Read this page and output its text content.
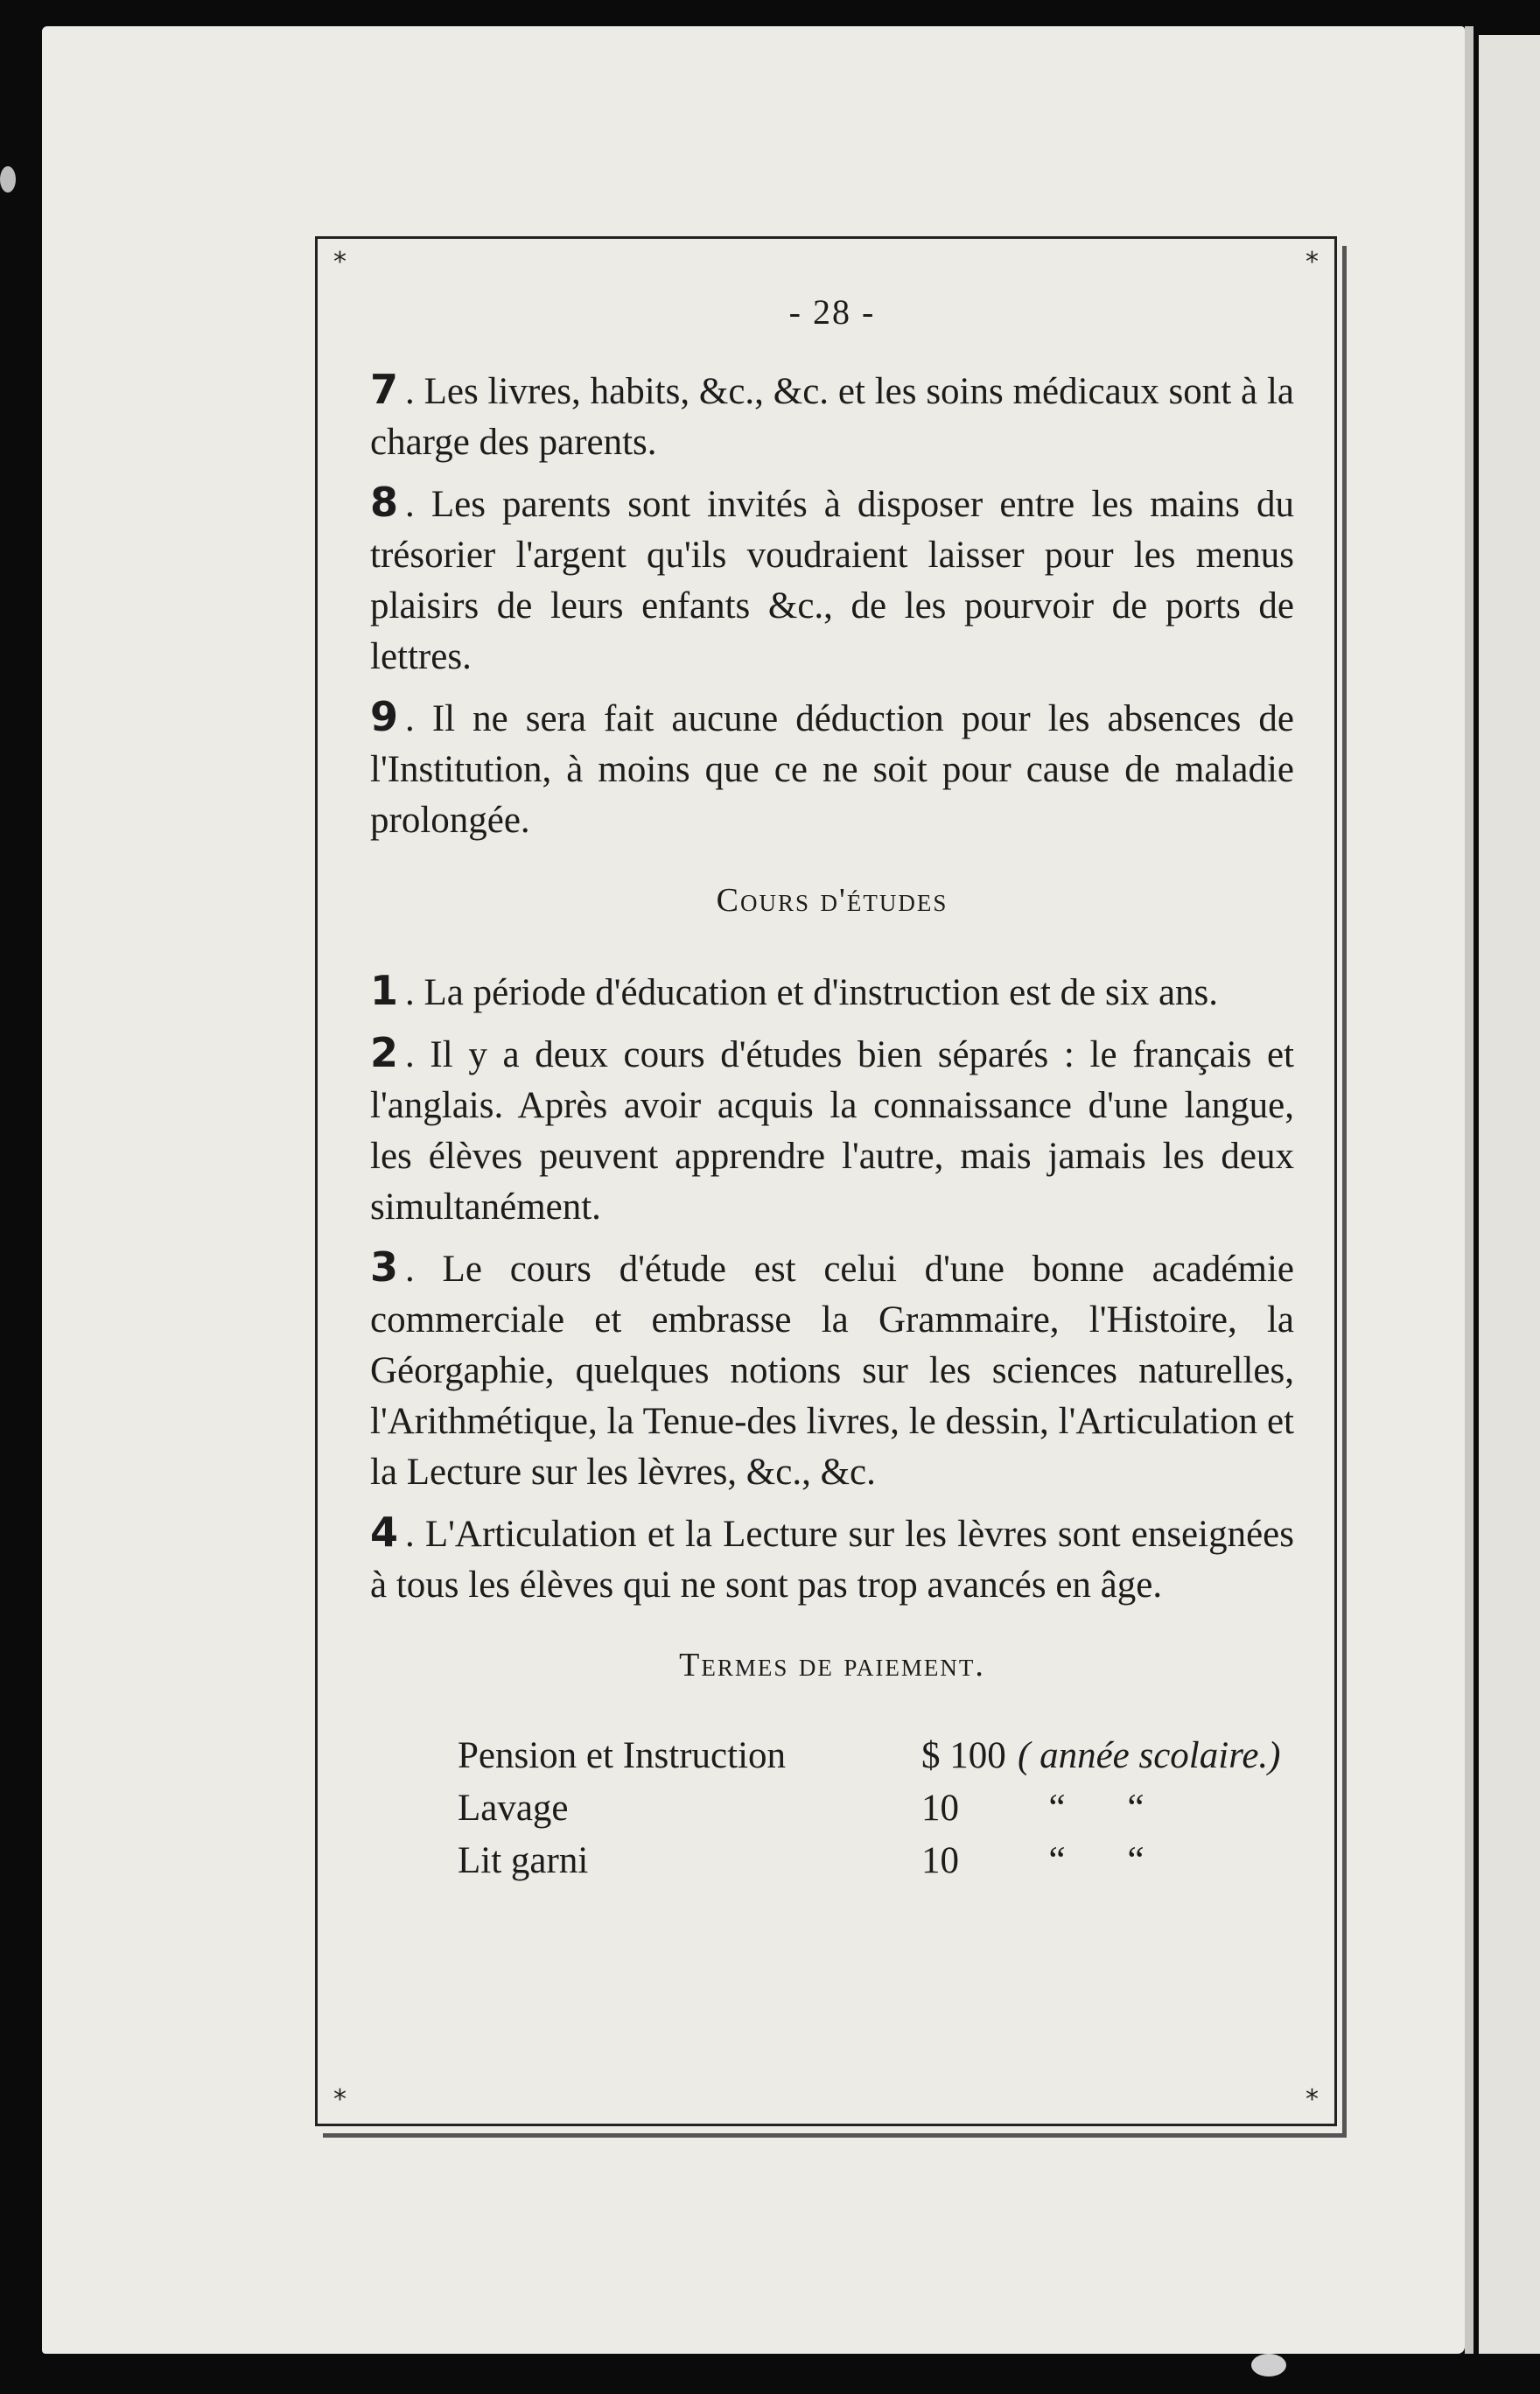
*	*
*	*
- 28 -

7 . Les livres, habits, &c., &c. et les soins médicaux sont à la charge des parents.

8 . Les parents sont invités à disposer entre les mains du trésorier l'argent qu'ils voudraient laisser pour les menus plaisirs de leurs enfants &c., de les pourvoir de ports de lettres.

9 . Il ne sera fait aucune déduction pour les absences de l'Institution, à moins que ce ne soit pour cause de maladie prolongée.

Cours d'études

1 . La période d'éducation et d'instruction est de six ans.

2 . Il y a deux cours d'études bien séparés : le français et l'anglais. Après avoir acquis la connaissance d'une langue, les élèves peuvent apprendre l'autre, mais jamais les deux simultanément.

3 . Le cours d'étude est celui d'une bonne académie commerciale et embrasse la Grammaire, l'Histoire, la Géorgaphie, quelques notions sur les sciences naturelles, l'Arithmétique, la Tenue-des livres, le dessin, l'Articulation et la Lecture sur les lèvres, &c., &c.

4 . L'Articulation et la Lecture sur les lèvres sont enseignées à tous les élèves qui ne sont pas trop avancés en âge.

Termes de paiement.
Pension et Instruction	$ 100 ( année scolaire.)
Lavage	10	“	“
Lit garni	10	“	“
